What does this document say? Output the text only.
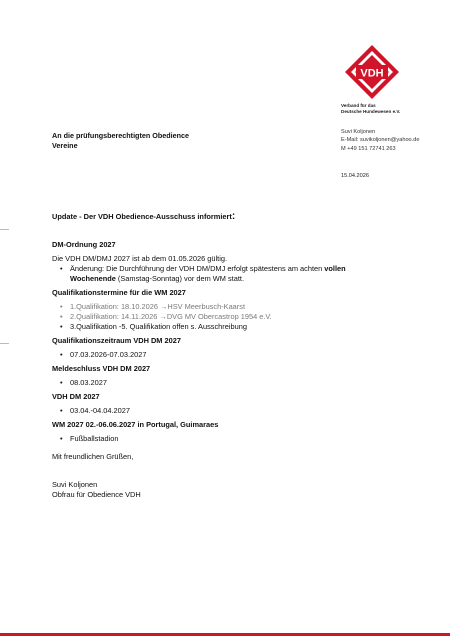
VDH
Verband für das
Deutsche Hundewesen e.V.
Suvi Koljonen
E-Mail: suvikoljonen@yahoo.de
M +49 151 72741 263
15.04.2026
An die prüfungsberechtigten Obedience
Vereine
Update - Der VDH Obedience-Ausschuss informiert:

DM-Ordnung 2027

Die VDH DM/DMJ 2027 ist ab dem 01.05.2026 gültig.

• Änderung: Die Durchführung der VDH DM/DMJ erfolgt spätestens am achten vollen Wochenende (Samstag-Sonntag) vor dem WM statt.

Qualifikationstermine für die WM 2027

• 1.Qualifikation: 18.10.2026 →HSV Meerbusch-Kaarst
• 2.Qualifikation: 14.11.2026 →DVG MV Obercastrop 1954 e.V.
• 3.Qualifikation -5. Qualifikation offen s. Ausschreibung

Qualifikationszeitraum VDH DM 2027

• 07.03.2026-07.03.2027

Meldeschluss VDH DM 2027

• 08.03.2027

VDH DM 2027

• 03.04.-04.04.2027

WM 2027 02.-06.06.2027 in Portugal, Guimaraes

• Fußballstadion

Mit freundlichen Grüßen,

Suvi Koljonen

Obfrau für Obedience VDH
